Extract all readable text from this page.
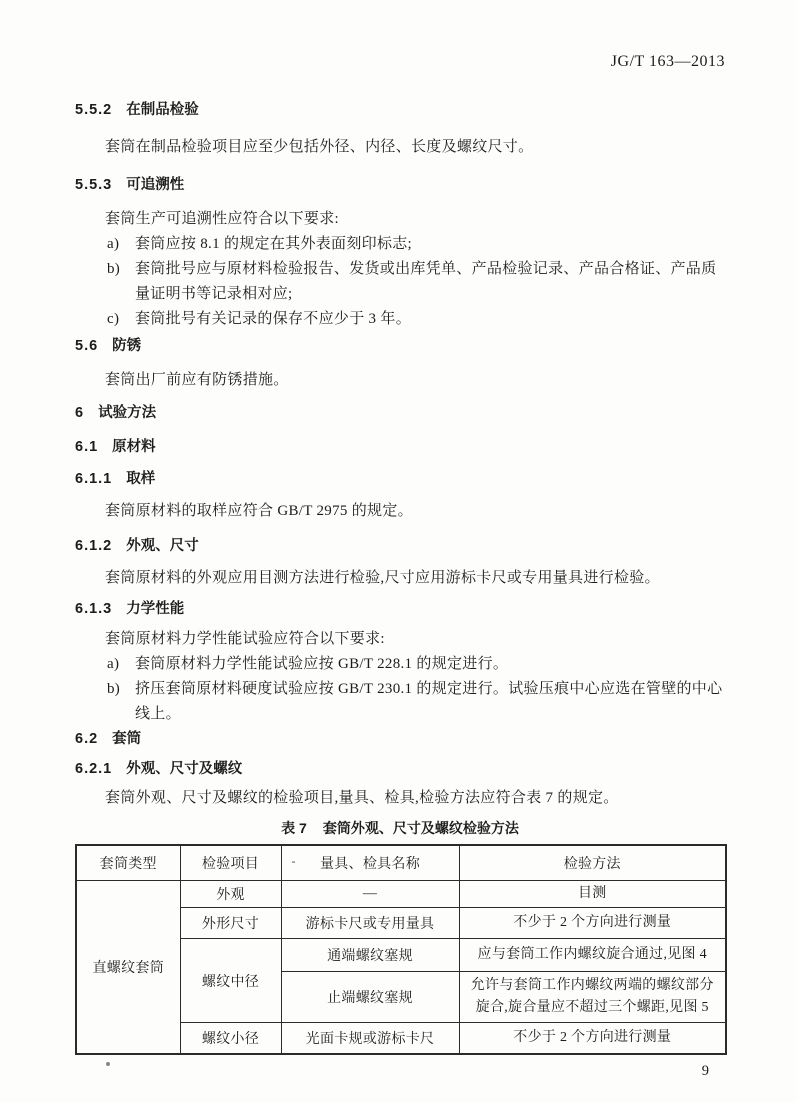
JG/T 163—2013
5.5.2 在制品检验

套筒在制品检验项目应至少包括外径、内径、长度及螺纹尺寸。

5.5.3 可追溯性

套筒生产可追溯性应符合以下要求:

a)	套筒应按 8.1 的规定在其外表面刻印标志;
b) 套筒批号应与原材料检验报告、发货或出库凭单、产品检验记录、产品合格证、产品质量证明书等记录相对应;
c)	套筒批号有关记录的保存不应少于 3 年。
5.6 防锈

套筒出厂前应有防锈措施。

6 试验方法
6.1 原材料
6.1.1 取样

套筒原材料的取样应符合 GB/T 2975 的规定。

6.1.2 外观、尺寸

套筒原材料的外观应用目测方法进行检验,尺寸应用游标卡尺或专用量具进行检验。

6.1.3 力学性能

套筒原材料力学性能试验应符合以下要求:

a)	套筒原材料力学性能试验应按 GB/T 228.1 的规定进行。
b) 挤压套筒原材料硬度试验应按 GB/T 230.1 的规定进行。试验压痕中心应选在管壁的中心线上。
6.2 套筒
6.2.1 外观、尺寸及螺纹

套筒外观、尺寸及螺纹的检验项目,量具、检具,检验方法应符合表 7 的规定。

表 7 套筒外观、尺寸及螺纹检验方法
套筒类型	检验项目	- 量具、检具名称	检验方法
直螺纹套筒	外观	—	目测
	外形尺寸	游标卡尺或专用量具	不少于 2 个方向进行测量
	螺纹中径	通端螺纹塞规	应与套筒工作内螺纹旋合通过,见图 4
		止端螺纹塞规	允许与套筒工作内螺纹两端的螺纹部分旋合,旋合量应不超过三个螺距,见图 5
	螺纹小径	光面卡规或游标卡尺	不少于 2 个方向进行测量
9
